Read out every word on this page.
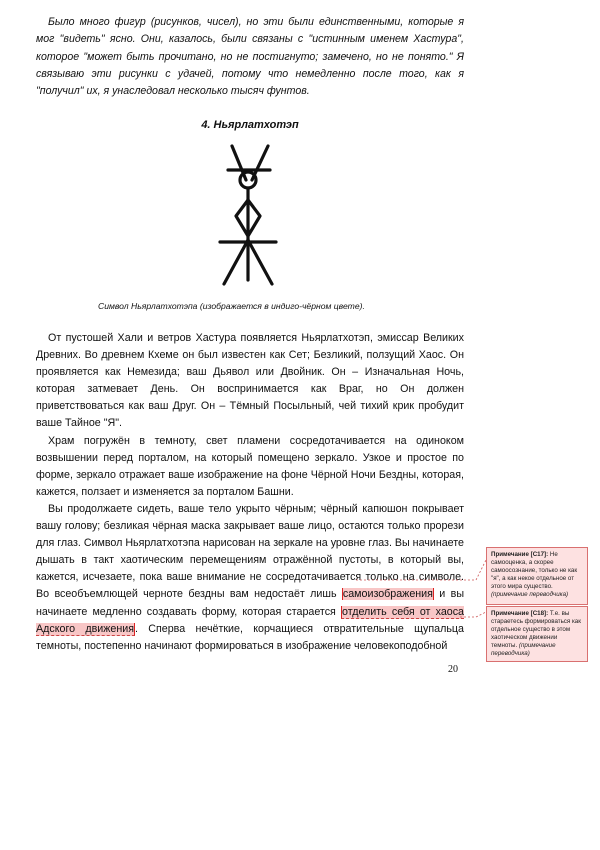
Было много фигур (рисунков, чисел), но эти были единственными, которые я мог "видеть" ясно. Они, казалось, были связаны с "истинным именем Хастура", которое "может быть прочитано, но не постигнуто; замечено, но не понято." Я связываю эти рисунки с удачей, потому что немедленно после того, как я "получил" их, я унаследовал несколько тысяч фунтов.

4. Ньярлатхотэп
Символ Ньярлатхотэпа (изображается в индиго-чёрном цвете).

От пустошей Хали и ветров Хастура появляется Ньярлатхотэп, эмиссар Великих Древних. Во древнем Кхеме он был известен как Сет; Безликий, ползущий Хаос. Он проявляется как Немезида; ваш Дьявол или Двойник. Он – Изначальная Ночь, которая затмевает День. Он воспринимается как Враг, но Он должен приветствоваться как ваш Друг. Он – Тёмный Посыльный, чей тихий крик пробудит ваше Тайное "Я".

Храм погружён в темноту, свет пламени сосредотачивается на одиноком возвышении перед порталом, на который помещено зеркало. Узкое и простое по форме, зеркало отражает ваше изображение на фоне Чёрной Ночи Бездны, которая, кажется, ползает и изменяется за порталом Башни.

Вы продолжаете сидеть, ваше тело укрыто чёрным; чёрный капюшон покрывает вашу голову; безликая чёрная маска закрывает ваше лицо, остаются только прорези для глаз. Символ Ньярлатхотэпа нарисован на зеркале на уровне глаз. Вы начинаете дышать в такт хаотическим перемещениям отражённой пустоты, в который вы, кажется, исчезаете, пока ваше внимание не сосредотачивается только на символе. Во всеобъемлющей черноте бездны вам недостаёт лишь самоизображения и вы начинаете медленно создавать форму, которая старается отделить себя от хаоса Адского движения. Сперва нечёткие, корчащиеся отвратительные щупальца темноты, постепенно начинают формироваться в изображение человекоподобной

20
Примечание [C17]: Не самооценка, а скорее самоосознание, только не как "я", а как некое отдельное от этого мира существо. (примечание переводчика)
Примечание [C18]: Т.е. вы стараетесь формироваться как отдельное существо в этом хаотическом движении темноты. (примечание переводчика)
